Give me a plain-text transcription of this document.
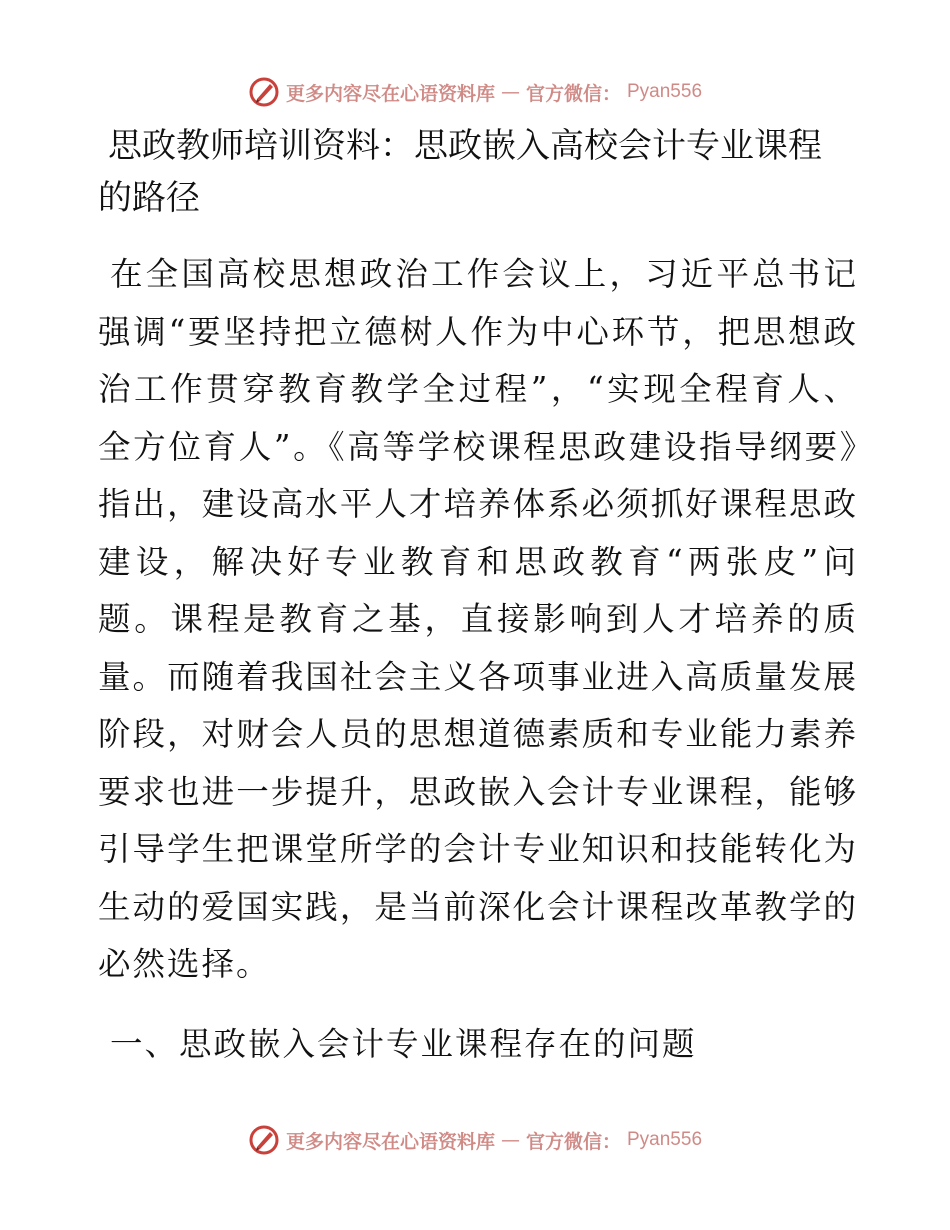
更多内容尽在心语资料库 — 官方微信： Pyan556
思政教师培训资料：思政嵌入高校会计专业课程
的路径

在全国高校思想政治工作会议上，习近平总书记强调“要坚持把立德树人作为中心环节，把思想政治工作贯穿教育教学全过程”，“实现全程育人、全方位育人”。《高等学校课程思政建设指导纲要》指出，建设高水平人才培养体系必须抓好课程思政建设，解决好专业教育和思政教育“两张皮”问题。课程是教育之基，直接影响到人才培养的质量。而随着我国社会主义各项事业进入高质量发展阶段，对财会人员的思想道德素质和专业能力素养要求也进一步提升，思政嵌入会计专业课程，能够引导学生把课堂所学的会计专业知识和技能转化为生动的爱国实践，是当前深化会计课程改革教学的必然选择。

一、思政嵌入会计专业课程存在的问题
更多内容尽在心语资料库 — 官方微信： Pyan556
